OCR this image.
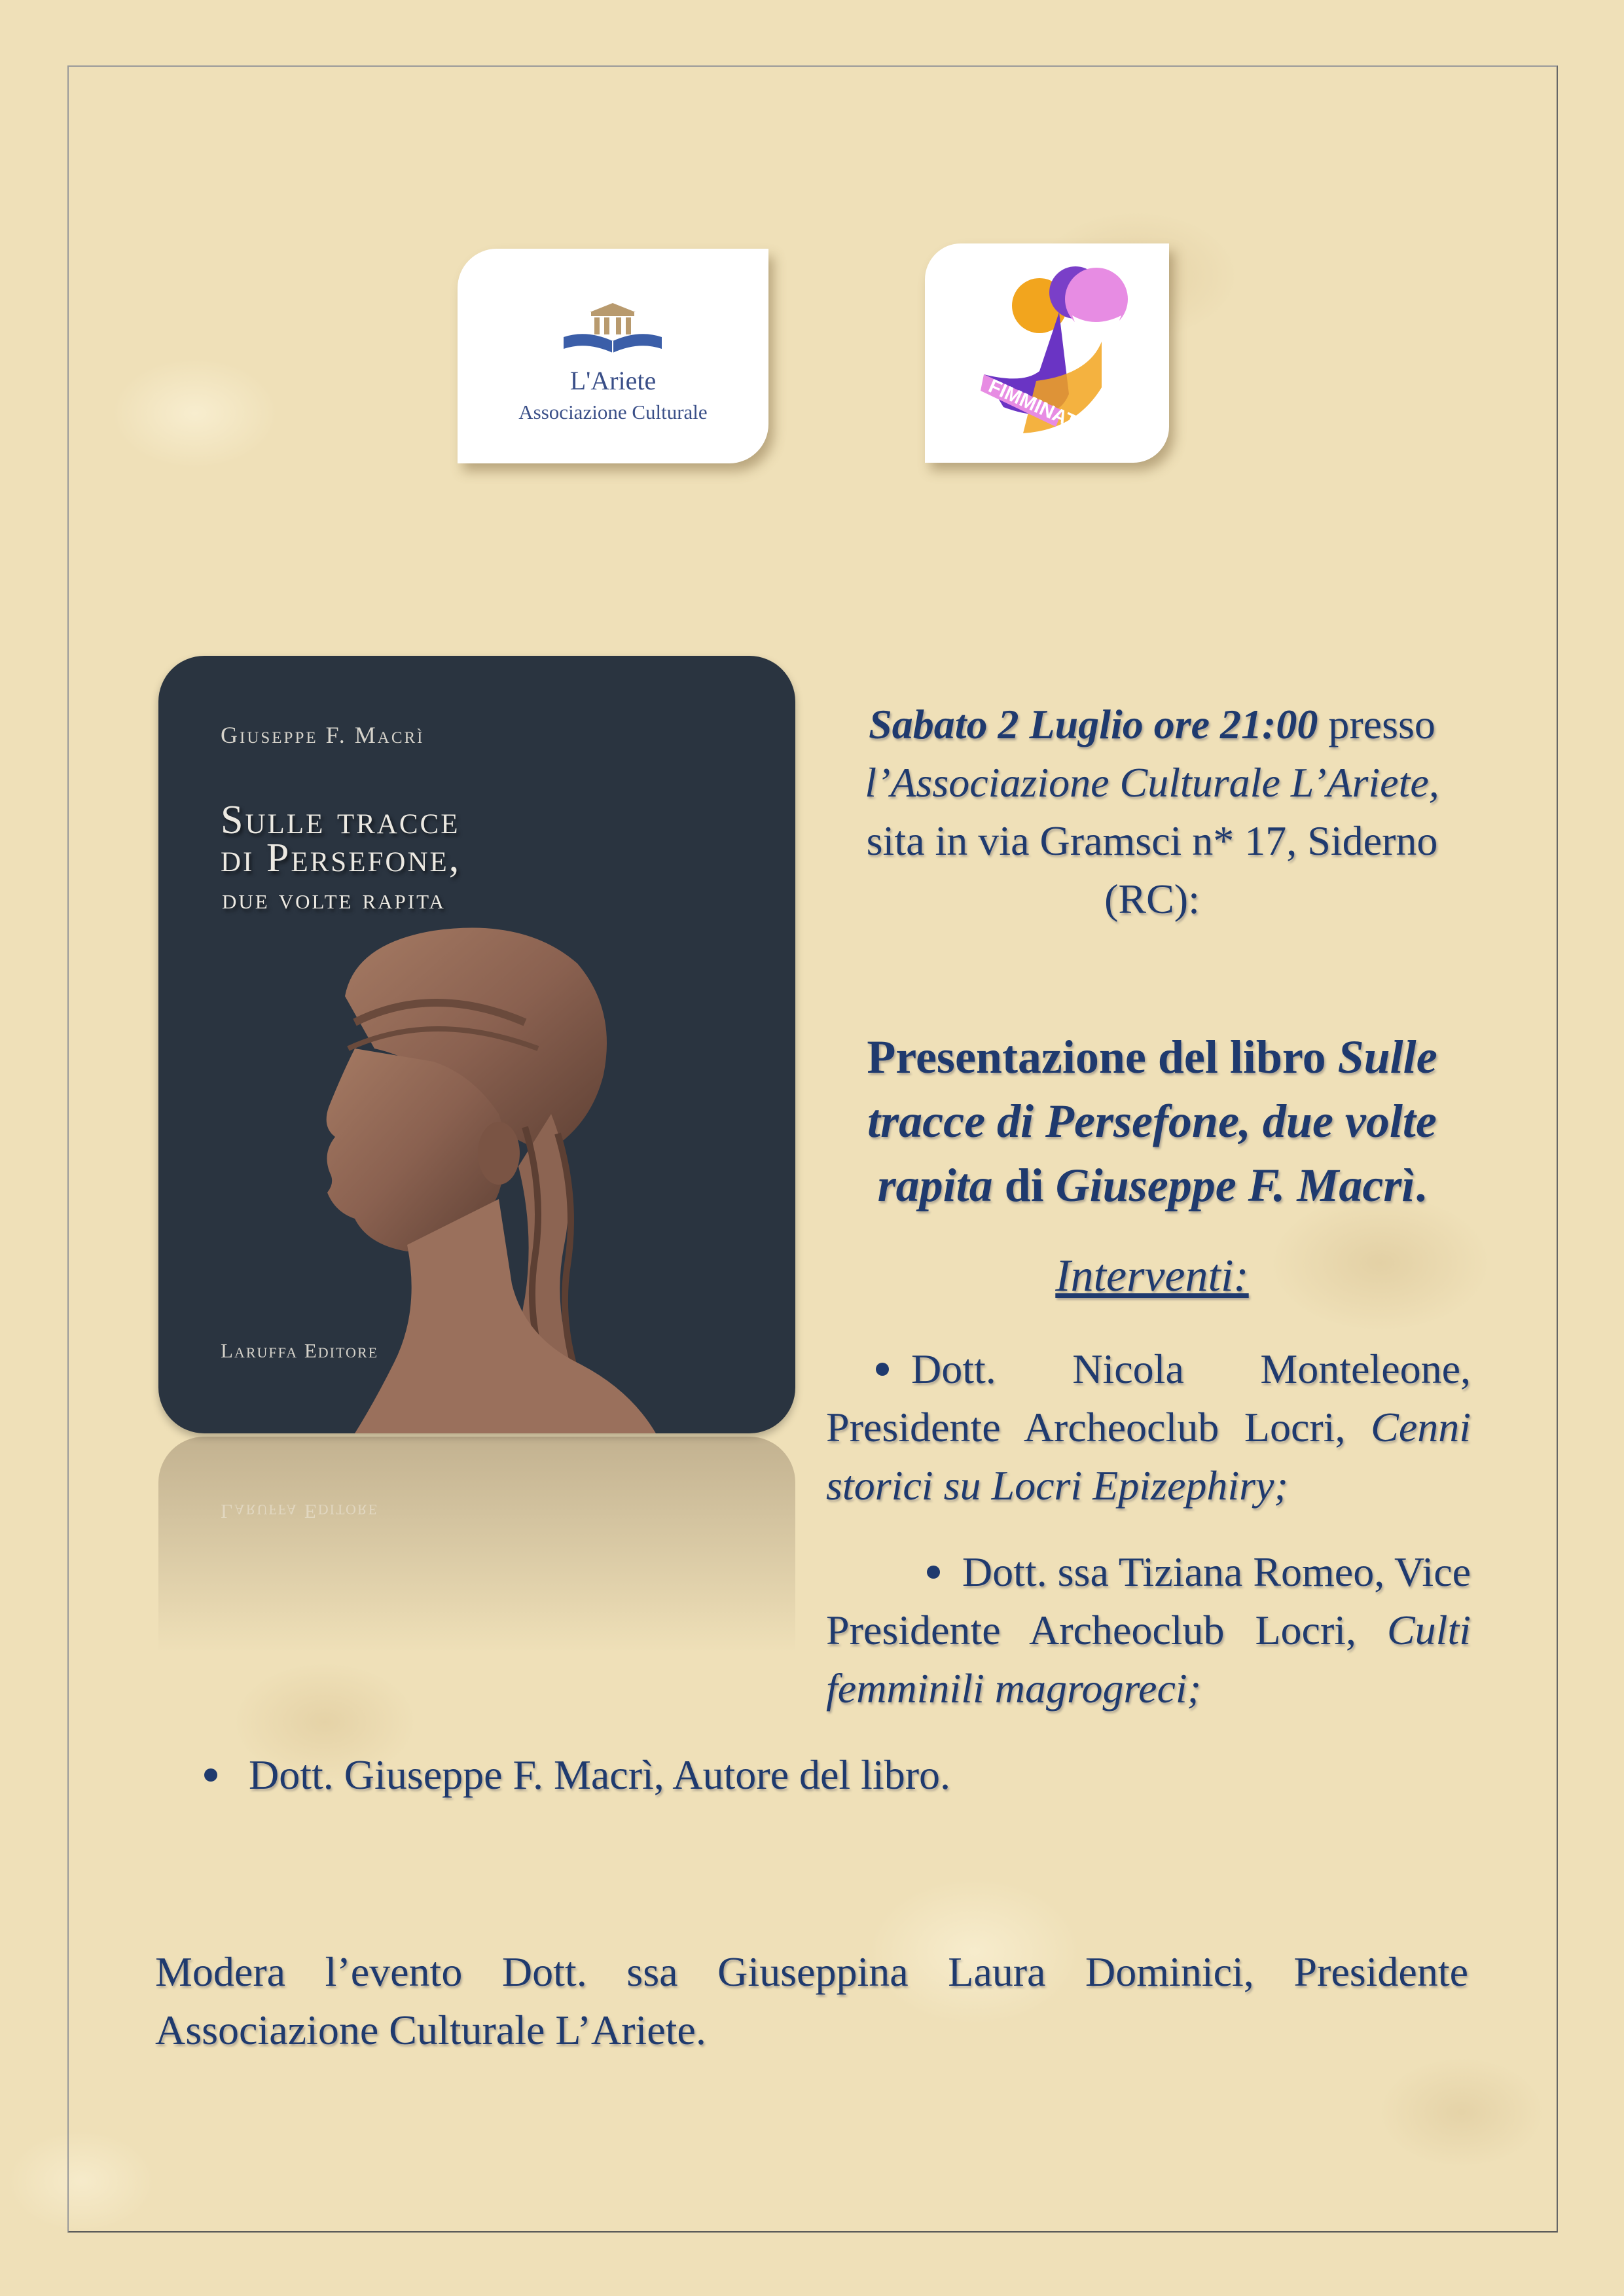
L'Ariete
Associazione Culturale	FIMMINATV
Giuseppe F. Macrì
Sulle tracce
di Persefone,
due volte rapita
Laruffa Editore
Laruffa Editore
Sabato 2 Luglio ore 21:00 presso
l’Associazione Culturale L’Ariete,
sita in via Gramsci n* 17, Siderno
(RC):
Presentazione del libro Sulle
tracce di Persefone, due volte
rapita di Giuseppe F. Macrì.
Interventi:
Dott. Nicola Monteleone,
Presidente Archeoclub Locri, Cenni
storici su Locri Epizephiry;
Dott. ssa Tiziana Romeo, Vice
Presidente Archeoclub Locri, Culti
femminili magrogreci;
Dott. Giuseppe F. Macrì, Autore del libro.
Modera l’evento Dott. ssa Giuseppina Laura Dominici, Presidente
Associazione Culturale L’Ariete.
